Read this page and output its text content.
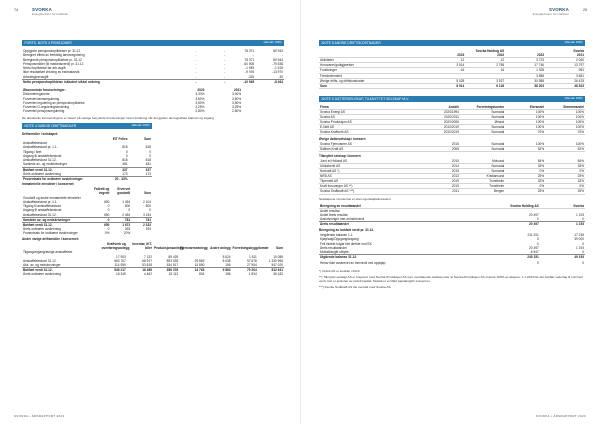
74	SVORKA
Energikonsern for kraftfoler
FORTS. NOTE 3 PENSJONER	(Alle tall i 1000)
Oppgjorte pensjonsforpliktelser pr. 31.12	-	-	78 371	80 943
Beregnet effekt av fremtidig lønnsregulering	-	-	-	-
Beregnede pensjonsforpliktelser pr. 31.12	-	-	78 371	80 943
Pensjonsmidler (til markedsverdi) pr. 31.12	-	-	-60 905	-79 538
Netto forpliktelse før arb.avgift	-	-	-1 949	-1 519
Ikke resultatført virkning av estimatavvik	-	-	-9 976	-13 970
Arbeidsgiveravgift	-	-	-325	-30
Netto pensjonsforpliktelse inkludert sikkel ordning	-	-	-10 945	-8 464
Økonomiske forutsetninger:	2023	2021	
Diskonteringsrente	3,30%	3,00%	
Forventet lønnsregulering	3,60%	3,60%	
Forventet regulering av pensjonsforpliktelse	3,50%	3,50%	
Forventet G-reguleringsendering	3,25%	3,25%	
Forventet pensjonsregulering	2,80%	2,60%	
De aktuarielle forutsetningene er basert på vanlige benyttede forutsetninger innen forsikring når det gjelder demografiske faktorer og avgang.
NOTE 4 VARIGE DRIFTSMIDLER	(Alle tall i 1000)
Driftsmidler i selskapet:
	EIT Felles	Sum
Anskaffelseskost		
Anskaffelseskost pr. 1.1.	818	818
Tilgang i året	0	0
Avgang til anskaffelseskost	0	0
Anskaffelseskost 31.12.	818	818
Samlede av- og nedskrivninger	481	481
Bokført verdi 31.12.	337	337
Årets ordinære avskrivning	173	173
Prosentsats for ordinære avskrivninger	20 - 33%	
Immaterielle eiendeler i konsernet:
	Fallrett og vegrett	Ervervet goodwill	Sum
Goodwill og andre immaterielle eiendeler			
Anskaffelseskost pr. 1.1.	650	1 454	2 104
Tilgang til anskaffelseskost	0	800	800
Avgang til anskaffelseskost	0	0	0
Anskaffelseskost 31.12.	650	2 454	3 154
Samlede av- og nedskrivninger	0	781	781
Bokført verdi 31.12.	650	1 673	2 323
Årets ordinære avskrivning	0	393	393
Prosentsats for ordinære avskrivninger	0%	20%	
Andre varige driftsmidler i konsernet:
	Kraftverk og overføringsanlegg	Inventar, IKT, biler	Produksjonsanlegg	Fjernvarmeanlegg	Andre anlegg	Forretningsbygg/tomter	Sum
Tilgang/avgang/øvrige anskaffelser							
	17 903	7 132	89 429		8 624	1 511	10 089
Anskaffelseskost 31.12.	663 767	68 917	893 335	29 869	8 038	97 878	1 330 966
Akk. av- og nedskrivninger	114 950	53 818	534 917	15 890	156	27 954	547 020
Bokført verdi 31.12.	549 217	16 489	358 378	14 763	9 560	70 204	812 941
Årets ordinære avskrivning	16 349	4 462	15 113	834	156	1 834	36 182
SVORKA • ÅRSRAPPORT 2023
SVORKA
Energikonsern for kraftfoler
25
NOTE 5 ANDRE DRIFTSKOSTNADER	(Alle tall i 1000)
	Svorka Holding AS		Svorka	
	2023	2022	2023	2021
Aktiviteter	12	12	3 723	2 060
Honorarer/godtgjørelser	3 514	2 765	17 746	13 797
Forsikringer	16	16	1 328	981
Fremleieinntekt			3 858	3 681
Øvrige drifts- og driftskostnader	5 028	3 537	30 858	26 425
Sum	8 914	6 128	58 203	48 523
NOTE 6 DATTERSELSKAP, TILKNYTTET SELSKAP M.V.	(Alle tall i 1000)
Firma	Anskik	Forretningskontor	Eierandel	Stemmeandel
Svorka Energi AS	2020/1994	Surnadal	100%	100%
Svorka AS	2020/2011	Surnadal	100%	100%
Svorka Produksjon AS	2020/2006	Ørland	100%	100%
E-Nett AS	2010/2019	Surnadal	100%	100%
Svorka Kraftverk AS	2010/2019	Surnadal	70%	70%
Øvrige datterselskap i konsern
Svorka Fjernvarme AS	2015	Surnadal	100%	100%
Salthes Kraft AS	2008	Surnadal	52%	52%
Tilknyttet selskap i konsern
Jund et Holland AS	2015	Molsund	84%	84%
Ulrikaberkt AS	2014	Surnadal	33%	33%
Norkraft AS *)	2015	Surnadal	0%	0%
NRB AS	2013	Kristiansund	25%	25%
Tilpernett AS	2019	Trondheim	33%	33%
Kraft Innovasjon AS **)	2019	Trondheim	0%	0%
Svorka Småkraft AS ***)	2011	Bergen	25%	25%
Selskapene i konsernet er etter egenkapitalmetoden.
Beregning av resultatandel	Svorka Holding AS	Svorka
Andel resultat		
Andel årets resultat	20 497	1 193
Avskrivninger mer-/mindreverdi	0	0
Årets resultatandel	20 497	1 193
Beregning av bokført verdi pr. 31.12.
Inngående balanse 1.1.	211 201	17 239
Kjøp/salg/Oppgang/avgang	0	39 000
Feil inntekt fulgør fart direkte mot EK	0	0
Årets resultatandel	20 497	1 193
Mottatt/avgitt utbytte	-6 547	0
Utgående balanse 31.12.	245 151	49 193
Herav ikke avskrevet av merverdi ved oppkjøp	0	0
*) Innfelt AS er avviklet i 2023.
**) Tilknyttet selskap AS er fusjonert med Svorka Produksjon AS som overtakende selskap etter at Svorka Produksjon AS overtok 100% av aksjene. 1.1.2023 ble det bokført vederlag til nominelt verdi. Det er avsluttet av innfelt kapital. Mottatt er et tilført kapitalutgift i konsernet.
***) Svorka Småkraft AS ble overtatt med Svorka AS.
SVORKA • ÅRSRAPPORT 2023
